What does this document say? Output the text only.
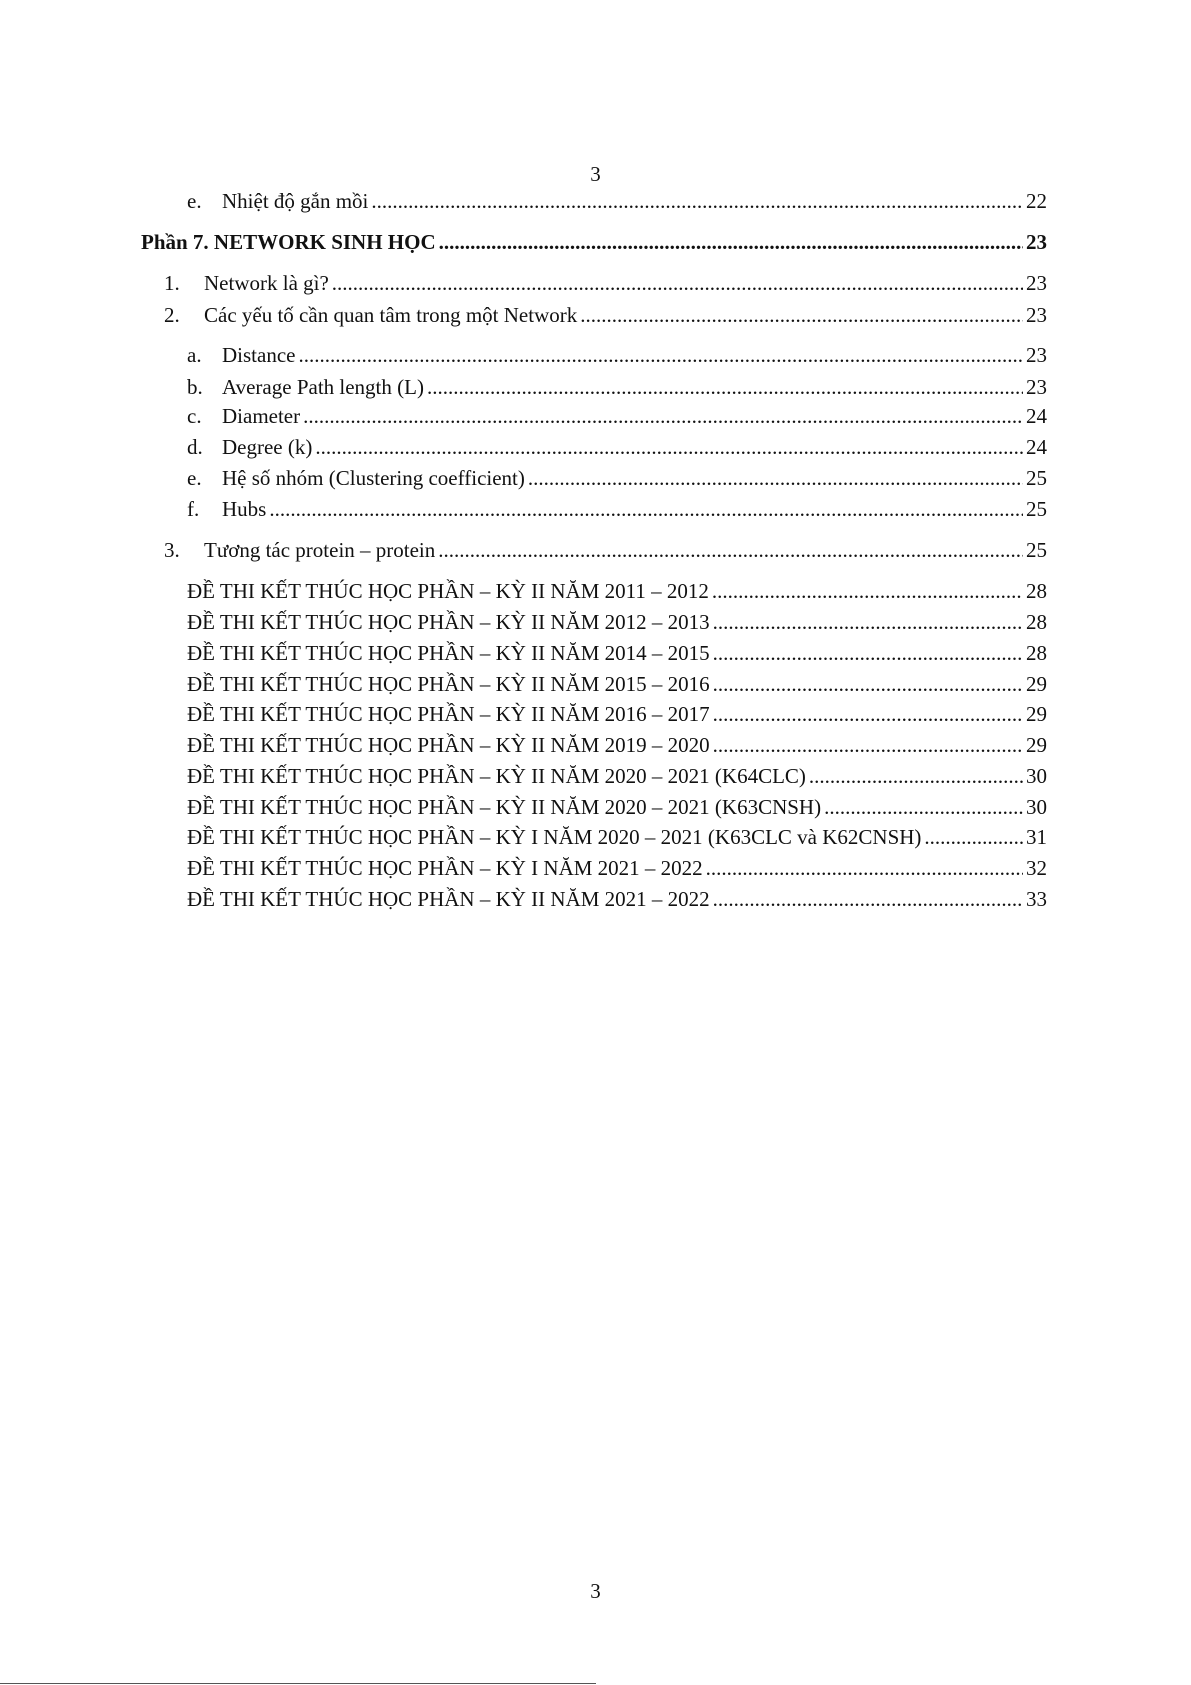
3
e. Nhiệt độ gắn mồi .....	22
Phần 7. NETWORK SINH HỌC .....	23
1.	Network là gì? .....	23
2.	Các yếu tố cần quan tâm trong một Network .....	23
a. Distance .....	23
b. Average Path length (L) .....	23
c. Diameter .....	24
d. Degree (k) .....	24
e. Hệ số nhóm (Clustering coefficient) .....	25
f.	Hubs .....	25
3.	Tương tác protein – protein .....	25
ĐỀ THI KẾT THÚC HỌC PHẦN – KỲ II NĂM 2011 – 2012 .....	28
ĐỀ THI KẾT THÚC HỌC PHẦN – KỲ II NĂM 2012 – 2013 .....	28
ĐỀ THI KẾT THÚC HỌC PHẦN – KỲ II NĂM 2014 – 2015 .....	28
ĐỀ THI KẾT THÚC HỌC PHẦN – KỲ II NĂM 2015 – 2016 .....	29
ĐỀ THI KẾT THÚC HỌC PHẦN – KỲ II NĂM 2016 – 2017 .....	29
ĐỀ THI KẾT THÚC HỌC PHẦN – KỲ II NĂM 2019 – 2020 .....	29
ĐỀ THI KẾT THÚC HỌC PHẦN – KỲ II NĂM 2020 – 2021 (K64CLC) .....	30
ĐỀ THI KẾT THÚC HỌC PHẦN – KỲ II NĂM 2020 – 2021 (K63CNSH) .....	30
ĐỀ THI KẾT THÚC HỌC PHẦN – KỲ I NĂM 2020 – 2021 (K63CLC và K62CNSH) .....	31
ĐỀ THI KẾT THÚC HỌC PHẦN – KỲ I NĂM 2021 – 2022 .....	32
ĐỀ THI KẾT THÚC HỌC PHẦN – KỲ II NĂM 2021 – 2022 .....	33
3
